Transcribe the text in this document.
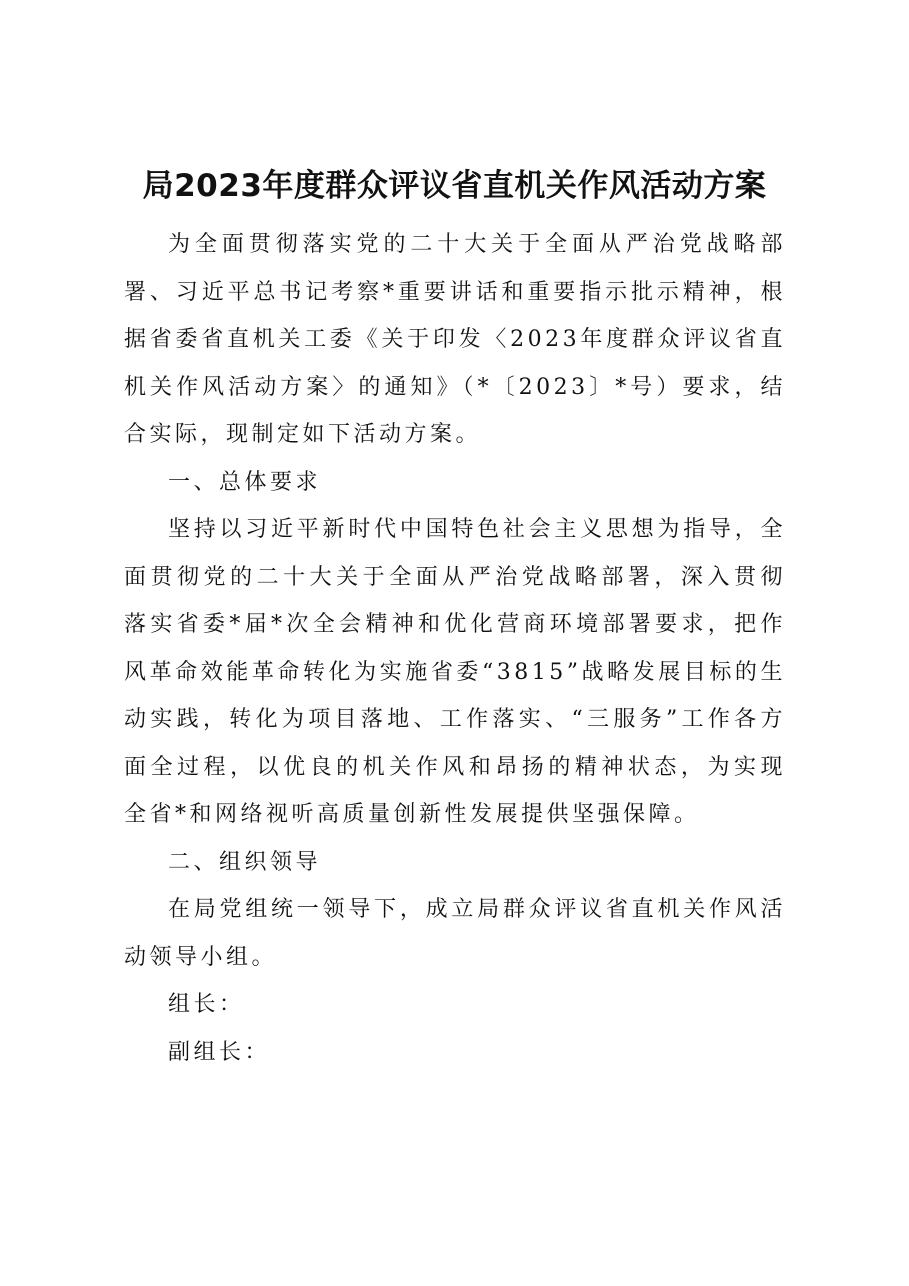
局2023年度群众评议省直机关作风活动方案

为全面贯彻落实党的二十大关于全面从严治党战略部署、习近平总书记考察*重要讲话和重要指示批示精神，根据省委省直机关工委《关于印发〈2023年度群众评议省直机关作风活动方案〉的通知》（*〔2023〕*号）要求，结合实际，现制定如下活动方案。

一、总体要求

坚持以习近平新时代中国特色社会主义思想为指导，全面贯彻党的二十大关于全面从严治党战略部署，深入贯彻落实省委*届*次全会精神和优化营商环境部署要求，把作风革命效能革命转化为实施省委“3815”战略发展目标的生动实践，转化为项目落地、工作落实、“三服务”工作各方面全过程，以优良的机关作风和昂扬的精神状态，为实现全省*和网络视听高质量创新性发展提供坚强保障。

二、组织领导

在局党组统一领导下，成立局群众评议省直机关作风活动领导小组。

组长：

副组长：
